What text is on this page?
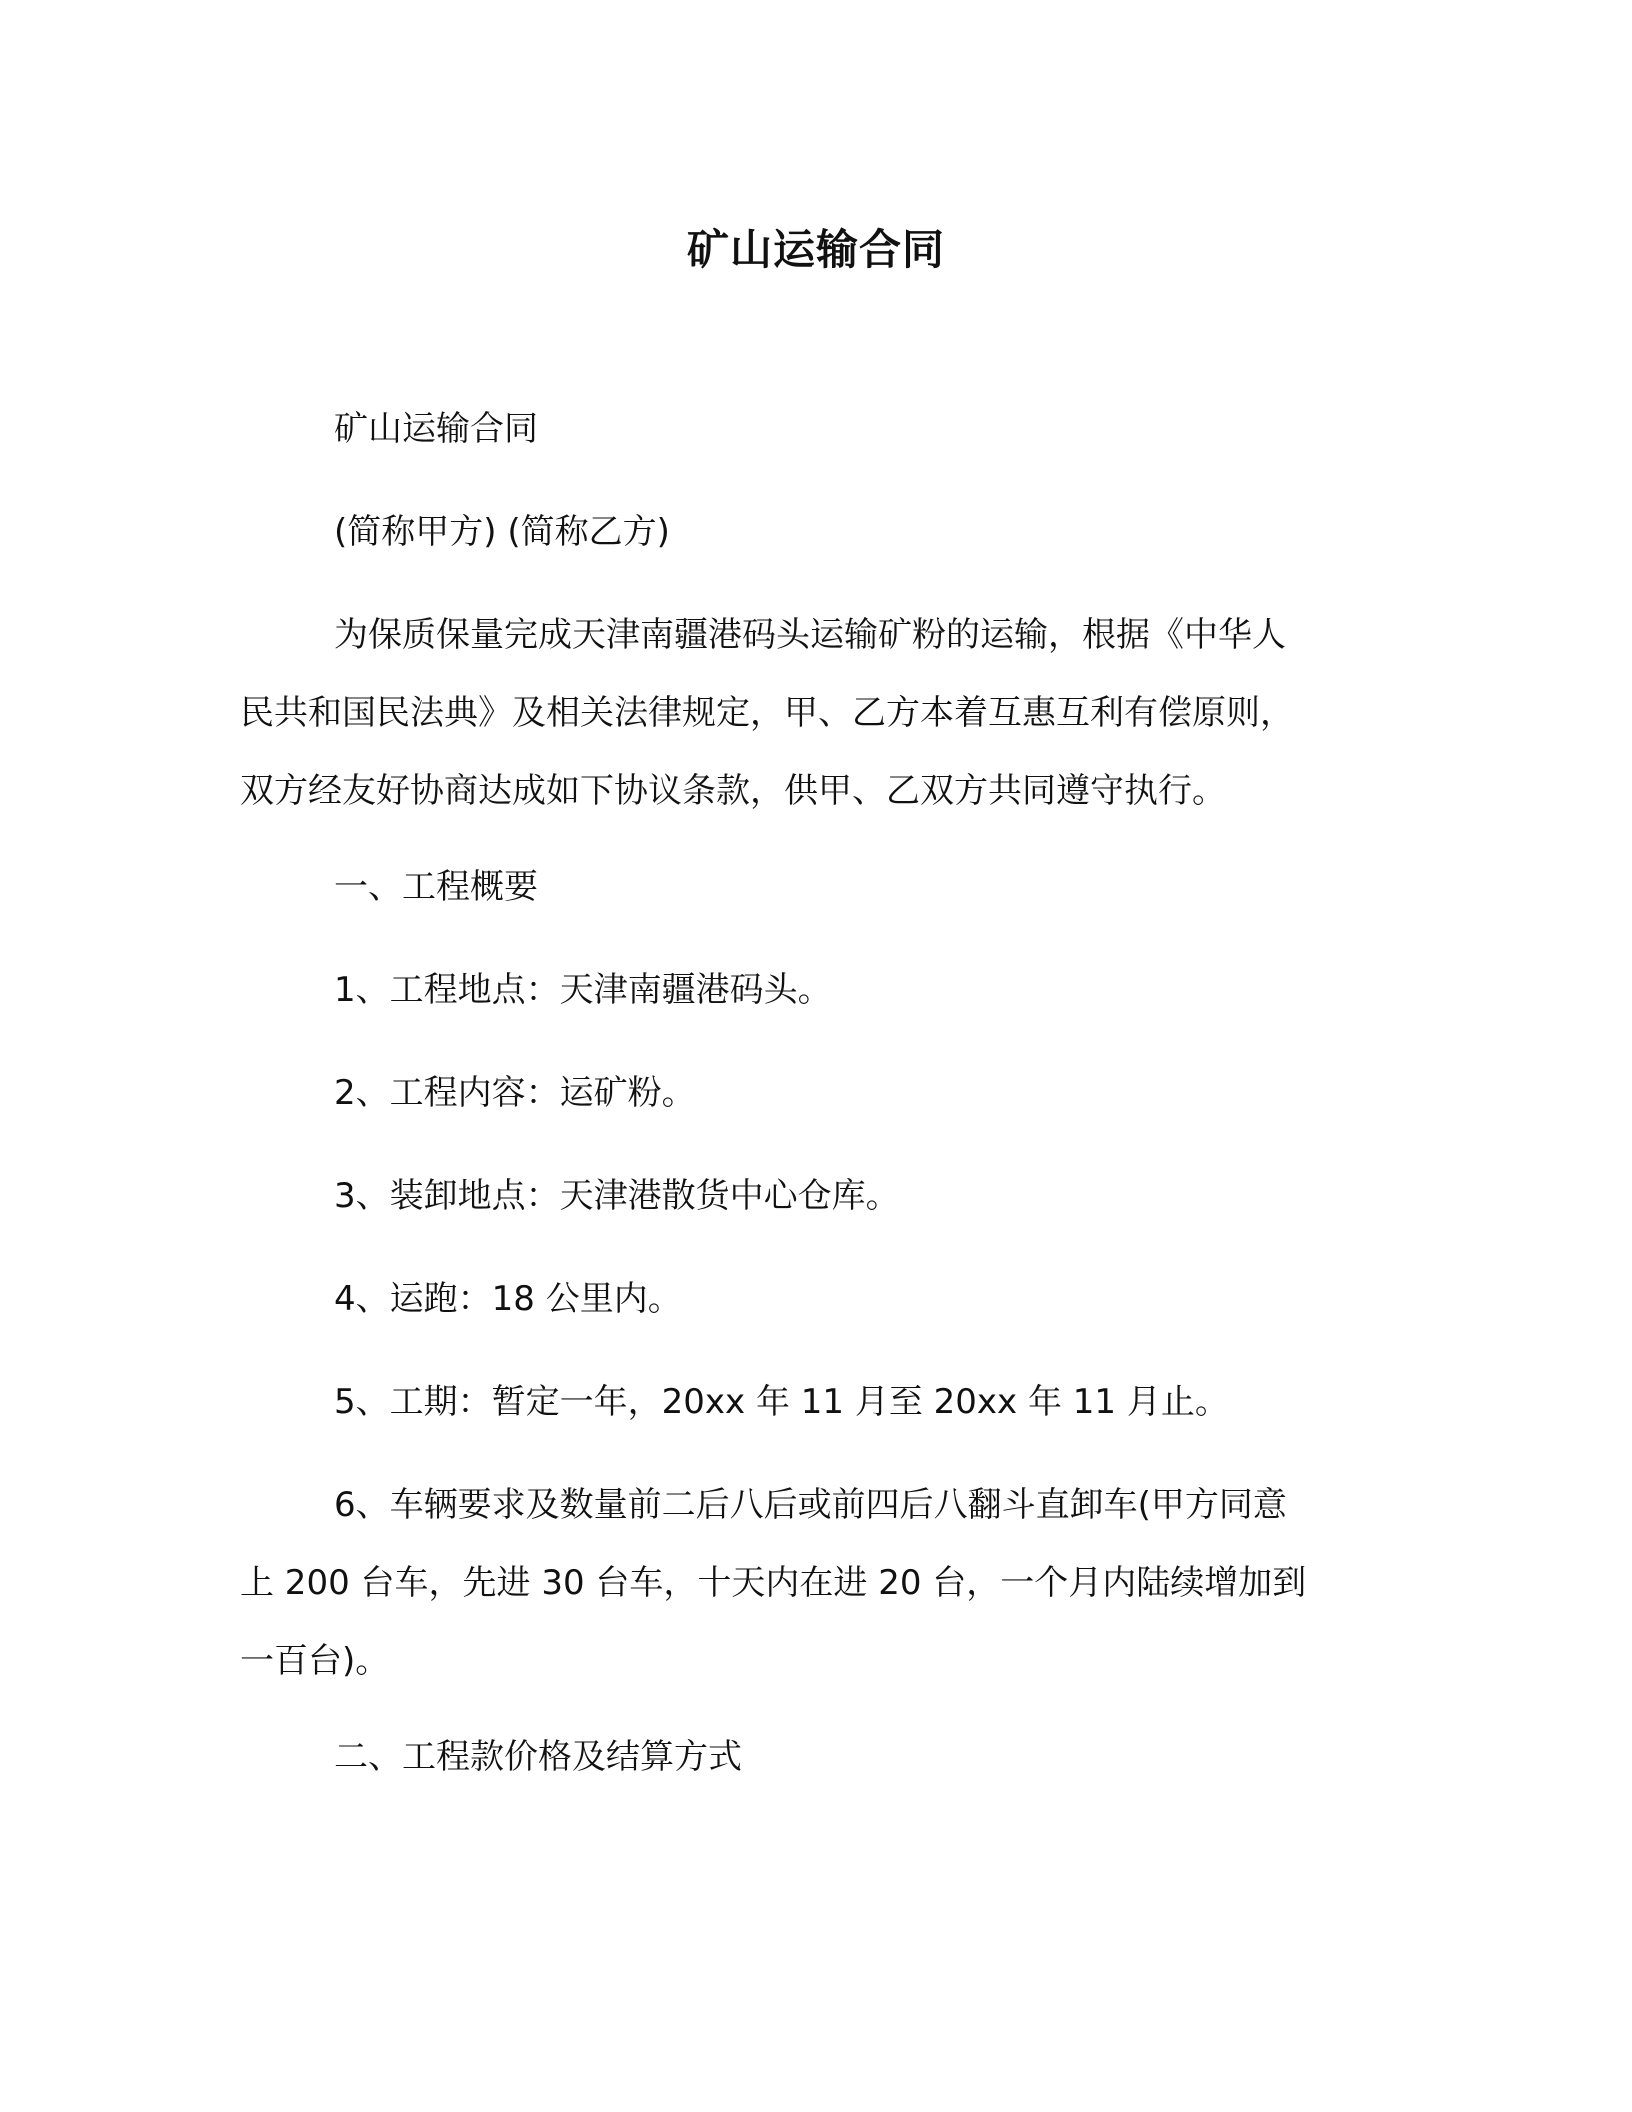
矿山运输合同
矿山运输合同
(简称甲方) (简称乙方)
为保质保量完成天津南疆港码头运输矿粉的运输，根据《中华人
民共和国民法典》及相关法律规定，甲、乙方本着互惠互利有偿原则，
双方经友好协商达成如下协议条款，供甲、乙双方共同遵守执行。
一、工程概要
1、工程地点：天津南疆港码头。
2、工程内容：运矿粉。
3、装卸地点：天津港散货中心仓库。
4、运跑：18 公里内。
5、工期：暂定一年，20xx 年 11 月至 20xx 年 11 月止。
6、车辆要求及数量前二后八后或前四后八翻斗直卸车(甲方同意
上 200 台车，先进 30 台车，十天内在进 20 台，一个月内陆续增加到
一百台)。
二、工程款价格及结算方式
